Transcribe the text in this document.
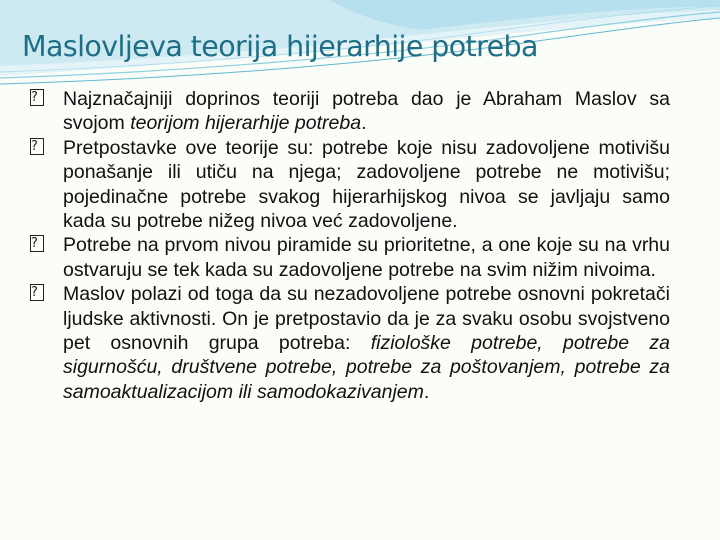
Maslovljeva teorija hijerarhije potreba

?	Najznačajniji doprinos teoriji potreba dao je Abraham Maslov sa svojom teorijom hijerarhije potreba.

?	Pretpostavke ove teorije su: potrebe koje nisu zadovoljene motivišu ponašanje ili utiču na njega; zadovoljene potrebe ne motivišu; pojedinačne potrebe svakog hijerarhijskog nivoa se javljaju samo kada su potrebe nižeg nivoa već zadovoljene.

?	Potrebe na prvom nivou piramide su prioritetne, a one koje su na vrhu ostvaruju se tek kada su zadovoljene potrebe na svim nižim nivoima.

?	Maslov polazi od toga da su nezadovoljene potrebe osnovni pokretači ljudske aktivnosti. On je pretpostavio da je za svaku osobu svojstveno pet osnovnih grupa potreba: fiziološke potrebe, potrebe za sigurnošću, društvene potrebe, potrebe za poštovanjem, potrebe za samoaktualizacijom ili samodokazivanjem.
